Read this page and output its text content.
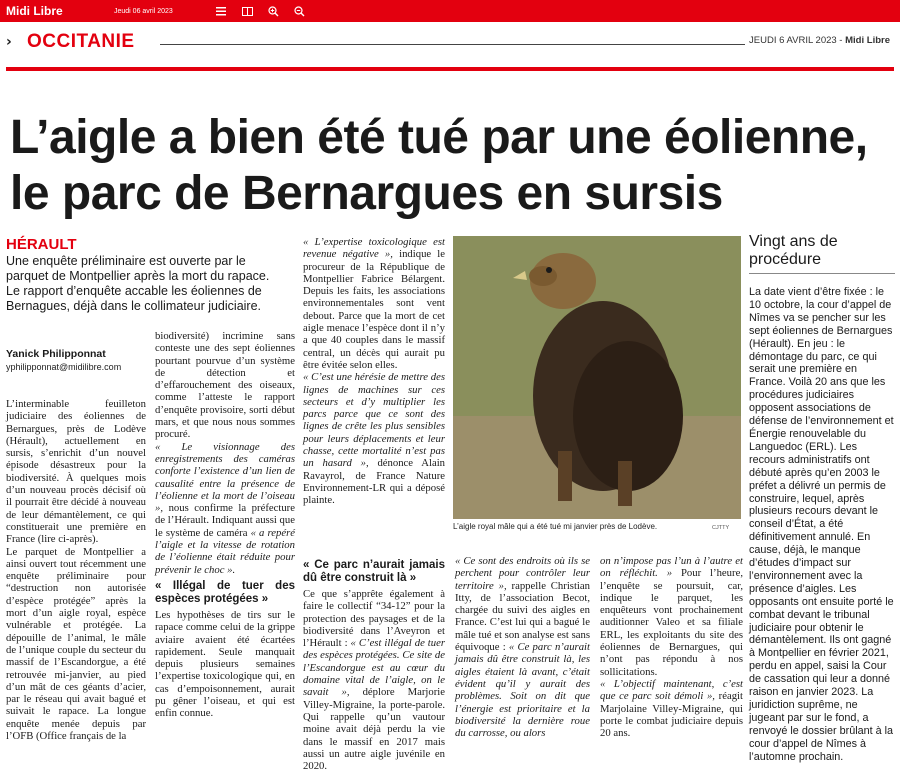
Midi Libre	Jeudi 06 avril 2023
› OCCITANIE	JEUDI 6 AVRIL 2023 - Midi Libre
L’aigle a bien été tué par une éolienne,
le parc de Bernargues en sursis
HÉRAULT

Une enquête préliminaire est ouverte par le parquet de Montpellier après la mort du rapace.

Le rapport d’enquête accable les éoliennes de Bernagues, déjà dans le collimateur judiciaire.

Yanick Philipponnat
yphilipponnat@midilibre.com

L’interminable feuilleton judiciaire des éoliennes de Bernargues, près de Lodève (Hérault), actuellement en sursis, s’enrichit d’un nouvel épisode désastreux pour la biodiversité. À quelques mois d’un nouveau procès décisif où il pourrait être décidé à nouveau de leur démantèlement, ce qui constituerait une première en France (lire ci-après).

Le parquet de Montpellier a ainsi ouvert tout récemment une enquête préliminaire pour “destruction non autorisée d’espèce protégée” après la mort d’un aigle royal, espèce vulnérable et protégée. La dépouille de l’animal, le mâle de l’unique couple du secteur du massif de l’Escandorgue, a été retrouvée mi-janvier, au pied d’un mât de ces géants d’acier, par le réseau qui avait bagué et suivait le rapace. La longue enquête menée depuis par l’OFB (Office français de la

biodiversité) incrimine sans conteste une des sept éoliennes pourtant pourvue d’un système de détection et d’effarouchement des oiseaux, comme l’atteste le rapport d’enquête provisoire, sorti début mars, et que nous nous sommes procuré.

« Le visionnage des enregistrements des caméras conforte l’existence d’un lien de causalité entre la présence de l’éolienne et la mort de l’oiseau », nous confirme la préfecture de l’Hérault. Indiquant aussi que le système de caméra « a repéré l’aigle et la vitesse de rotation de l’éolienne était réduite pour prévenir le choc ».

« Illégal de tuer des espèces protégées »

Les hypothèses de tirs sur le rapace comme celui de la grippe aviaire avaient été écartées rapidement. Seule manquait depuis plusieurs semaines l’expertise toxicologique qui, en cas d’empoisonnement, aurait pu gêner l’oiseau, et qui est enfin connue.

« L’expertise toxicologique est revenue négative », indique le procureur de la République de Montpellier Fabrice Bélargent. Depuis les faits, les associations environnementales sont vent debout. Parce que la mort de cet aigle menace l’espèce dont il n’y a que 40 couples dans le massif central, un décès qui aurait pu être évitée selon elles.

« C’est une hérésie de mettre des lignes de machines sur ces secteurs et d’y multiplier les parcs parce que ce sont des lignes de crête les plus sensibles pour leurs déplacements et leur chasse, cette mortalité n’est pas un hasard », dénonce Alain Ravayrol, de France Nature Environnement-LR qui a déposé plainte.

« Ce parc n’aurait jamais dû être construit là »

Ce que s’apprête également à faire le collectif “34-12” pour la protection des paysages et de la biodiversité dans l’Aveyron et l’Hérault : « C’est illégal de tuer des espèces protégées. Ce site de l’Escandorgue est au cœur du domaine vital de l’aigle, on le savait », déplore Marjorie Villey-Migraine, la porte-parole. Qui rappelle qu’un vautour moine avait déjà perdu la vie dans le massif en 2017 mais aussi un autre aigle juvénile en 2020.

L’aigle royal mâle qui a été tué mi janvier près de Lodève.	CJTTY

« Ce sont des endroits où ils se perchent pour contrôler leur territoire », rappelle Christian Itty, de l’association Becot, chargée du suivi des aigles en France. C’est lui qui a bagué le mâle tué et son analyse est sans équivoque : « Ce parc n’aurait jamais dû être construit là, les aigles étaient là avant, c’était évident qu’il y aurait des problèmes. Soit on dit que l’énergie est prioritaire et la biodiversité la dernière roue du carrosse, ou alors

on n’impose pas l’un à l’autre et on réfléchit. » Pour l’heure, l’enquête se poursuit, car, indique le parquet, les enquêteurs vont prochainement auditionner Valeo et sa filiale ERL, les exploitants du site des éoliennes de Bernargues, qui n’ont pas répondu à nos sollicitations.

« L’objectif maintenant, c’est que ce parc soit démoli », réagit Marjolaine Villey-Migraine, qui porte le combat judiciaire depuis 20 ans.

Vingt ans de procédure
La date vient d’être fixée : le 10 octobre, la cour d’appel de Nîmes va se pencher sur les sept éoliennes de Bernargues (Hérault). En jeu : le démontage du parc, ce qui serait une première en France. Voilà 20 ans que les procédures judiciaires opposent associations de défense de l’environnement et Énergie renouvelable du Languedoc (ERL). Les recours administratifs ont débuté après qu’en 2003 le préfet a délivré un permis de construire, lequel, après plusieurs recours devant le conseil d’État, a été définitivement annulé. En cause, déjà, le manque d’études d’impact sur l’environnement avec la présence d’aigles. Les opposants ont ensuite porté le combat devant le tribunal judiciaire pour obtenir le démantèlement. Ils ont gagné à Montpellier en février 2021, perdu en appel, saisi la Cour de cassation qui leur a donné raison en janvier 2023. La juridiction suprême, ne jugeant par sur le fond, a renvoyé le dossier brûlant à la cour d’appel de Nîmes à l’automne prochain.
